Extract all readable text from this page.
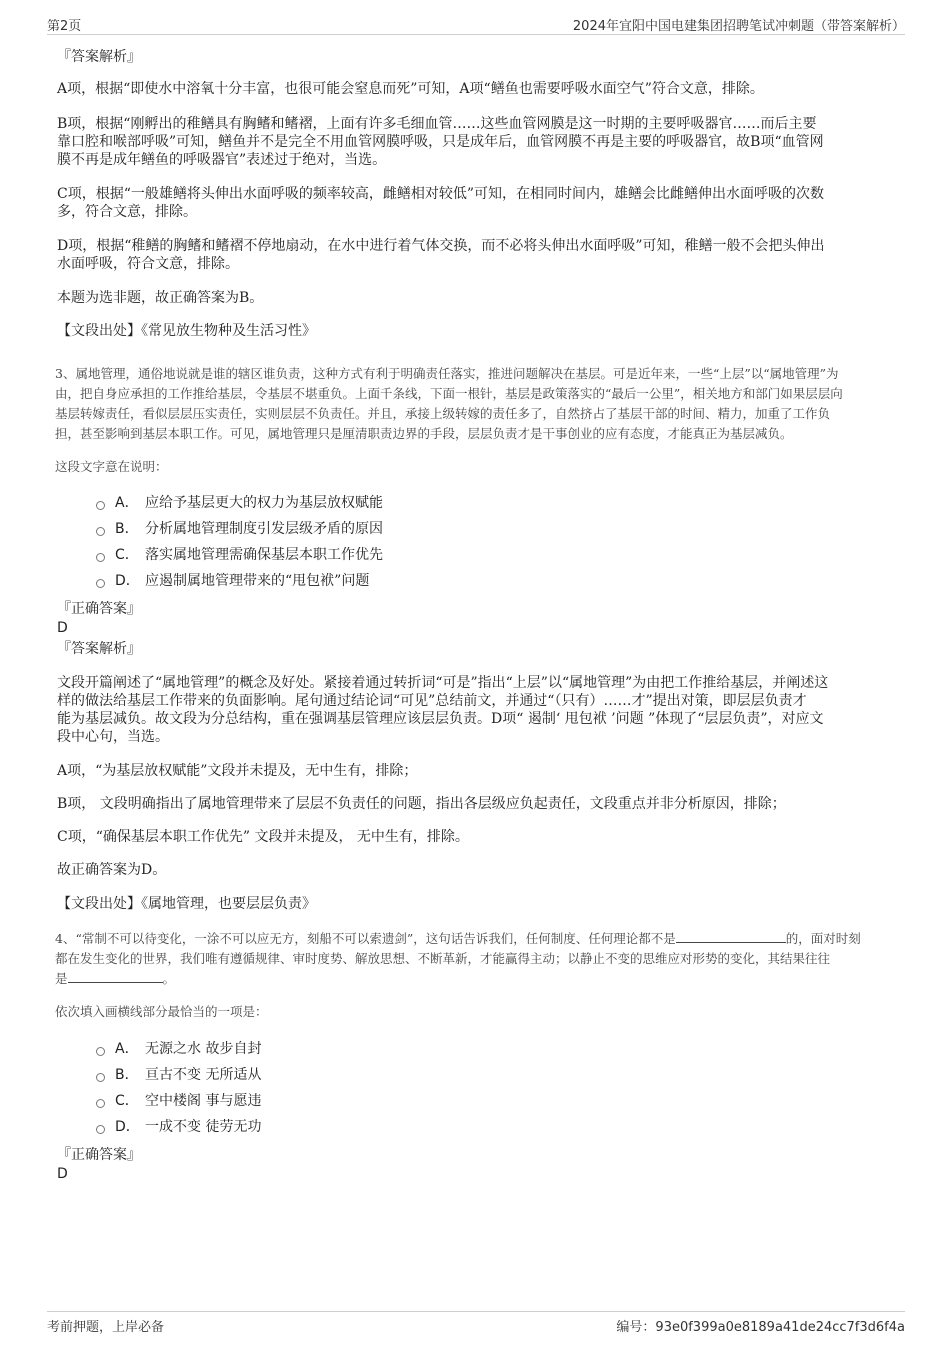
第2页	2024年宜阳中国电建集团招聘笔试冲刺题（带答案解析）
『答案解析』
A项，根据“即使水中溶氧十分丰富，也很可能会窒息而死”可知，A项“鳝鱼也需要呼吸水面空气”符合文意，排除。
B项，根据“刚孵出的稚鳝具有胸鳍和鳍褶，上面有许多毛细血管……这些血管网膜是这一时期的主要呼吸器官……而后主要
靠口腔和喉部呼吸”可知，鳝鱼并不是完全不用血管网膜呼吸，只是成年后，血管网膜不再是主要的呼吸器官，故B项“血管网
膜不再是成年鳝鱼的呼吸器官”表述过于绝对，当选。
C项，根据“一般雄鳝将头伸出水面呼吸的频率较高，雌鳝相对较低”可知，在相同时间内，雄鳝会比雌鳝伸出水面呼吸的次数
多，符合文意，排除。
D项，根据“稚鳝的胸鳍和鳍褶不停地扇动，在水中进行着气体交换，而不必将头伸出水面呼吸”可知，稚鳝一般不会把头伸出
水面呼吸，符合文意，排除。
本题为选非题，故正确答案为B。
【文段出处】《常见放生物种及生活习性》
3、属地管理，通俗地说就是谁的辖区谁负责，这种方式有利于明确责任落实，推进问题解决在基层。可是近年来，一些“上层”以“属地管理”为
由，把自身应承担的工作推给基层，令基层不堪重负。上面千条线，下面一根针，基层是政策落实的“最后一公里”，相关地方和部门如果层层向
基层转嫁责任，看似层层压实责任，实则层层不负责任。并且，承接上级转嫁的责任多了，自然挤占了基层干部的时间、精力，加重了工作负
担，甚至影响到基层本职工作。可见，属地管理只是厘清职责边界的手段，层层负责才是干事创业的应有态度，才能真正为基层减负。
这段文字意在说明：
A． 应给予基层更大的权力为基层放权赋能
B． 分析属地管理制度引发层级矛盾的原因
C． 落实属地管理需确保基层本职工作优先
D． 应遏制属地管理带来的“甩包袱”问题
『正确答案』
D
『答案解析』
文段开篇阐述了“属地管理”的概念及好处。紧接着通过转折词“可是”指出“上层”以“属地管理”为由把工作推给基层，并阐述这
样的做法给基层工作带来的负面影响。尾句通过结论词“可见”总结前文，并通过“（只有）……才”提出对策，即层层负责才
能为基层减负。故文段为分总结构，重在强调基层管理应该层层负责。D项“ 遏制‘ 甩包袱 ’问题 ”体现了“层层负责”，对应文
段中心句，当选。
A项，“为基层放权赋能”文段并未提及，无中生有，排除；
B项， 文段明确指出了属地管理带来了层层不负责任的问题，指出各层级应负起责任，文段重点并非分析原因，排除；
C项，“确保基层本职工作优先” 文段并未提及， 无中生有，排除。
故正确答案为D。
【文段出处】《属地管理，也要层层负责》
4、“常制不可以待变化，一涂不可以应无方，刻船不可以索遗剑”，这句话告诉我们，任何制度、任何理论都不是	的，面对时刻
都在发生变化的世界，我们唯有遵循规律、审时度势、解放思想、不断革新，才能赢得主动；以静止不变的思维应对形势的变化，其结果往往
是	。
依次填入画横线部分最恰当的一项是：
A． 无源之水 故步自封
B． 亘古不变 无所适从
C． 空中楼阁 事与愿违
D． 一成不变 徒劳无功
『正确答案』
D
考前押题，上岸必备	编号：93e0f399a0e8189a41de24cc7f3d6f4a
